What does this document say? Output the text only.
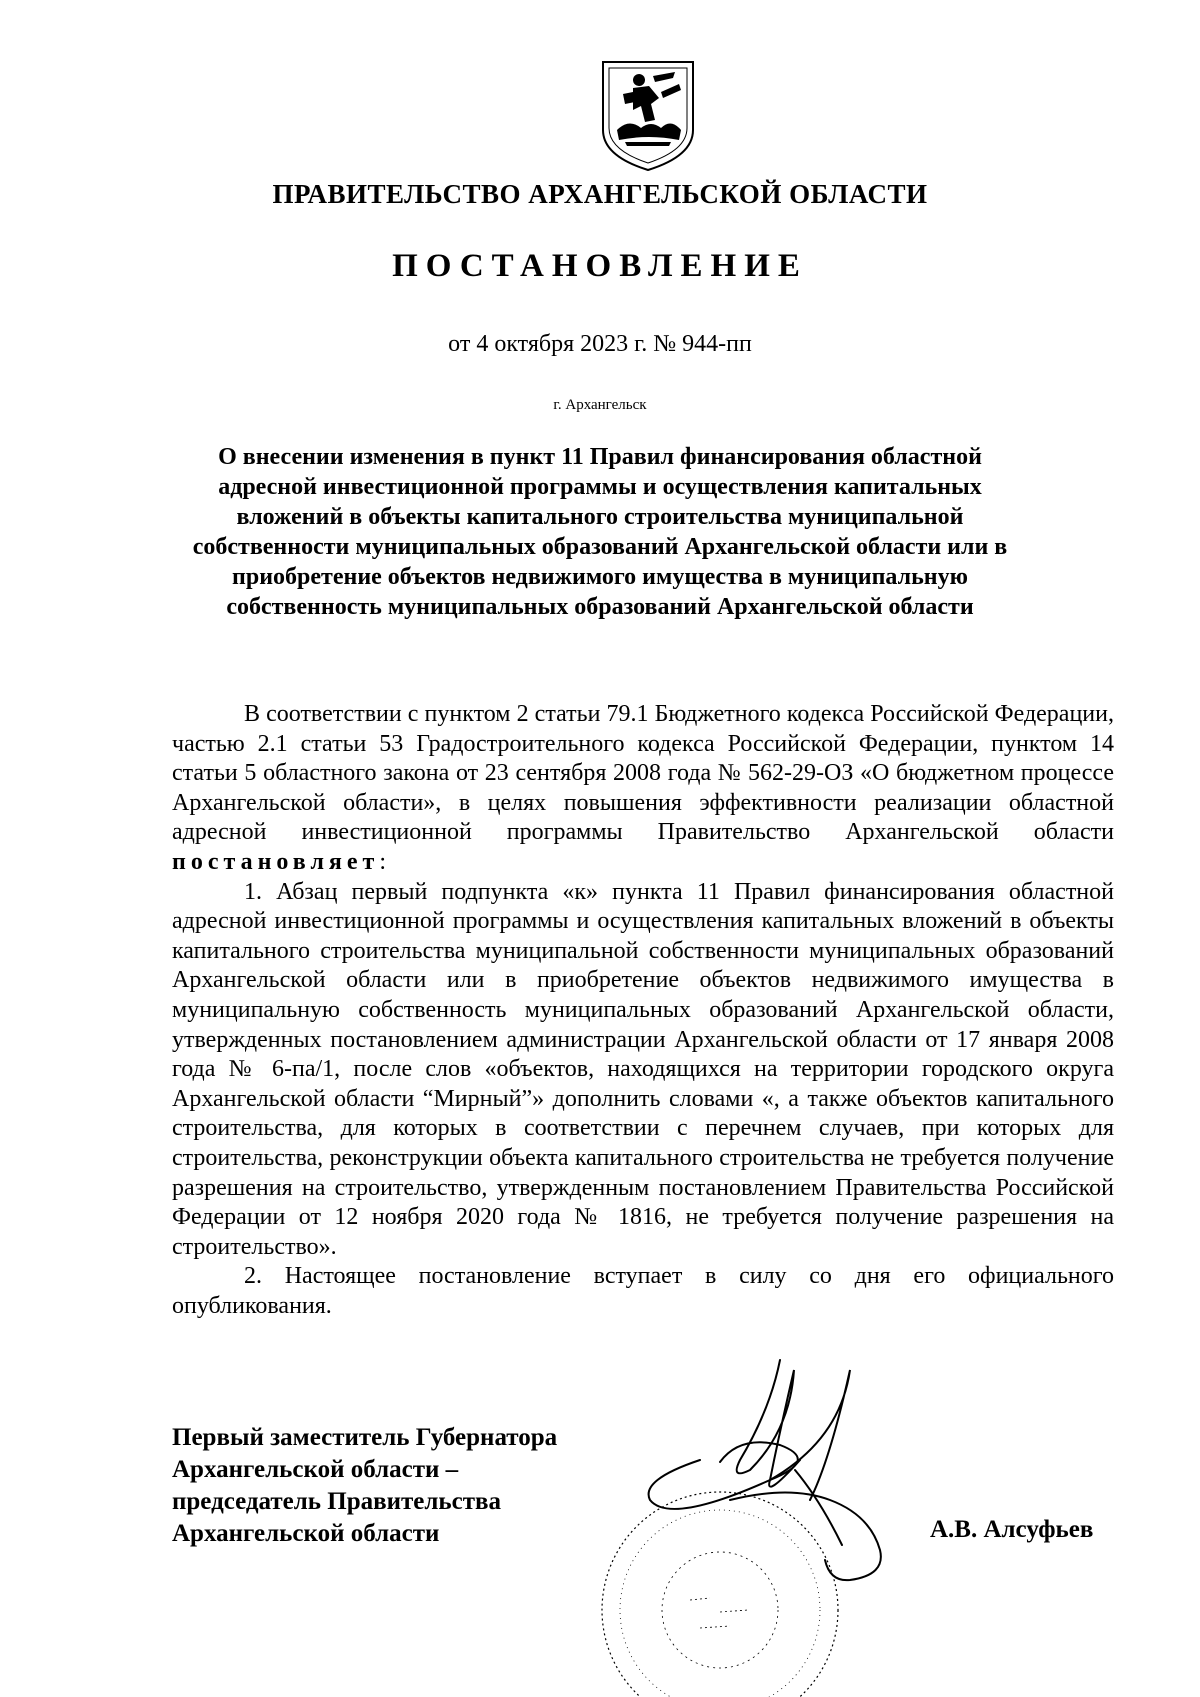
ПРАВИТЕЛЬСТВО АРХАНГЕЛЬСКОЙ ОБЛАСТИ
ПОСТАНОВЛЕНИЕ
от 4 октября 2023 г. № 944-пп
г. Архангельск
О внесении изменения в пункт 11 Правил финансирования областной адресной инвестиционной программы и осуществления капитальных вложений в объекты капитального строительства муниципальной собственности муниципальных образований Архангельской области или в приобретение объектов недвижимого имущества в муниципальную собственность муниципальных образований Архангельской области

В соответствии с пунктом 2 статьи 79.1 Бюджетного кодекса Российской Федерации, частью 2.1 статьи 53 Градостроительного кодекса Российской Федерации, пунктом 14 статьи 5 областного закона от 23 сентября 2008 года № 562-29-ОЗ «О бюджетном процессе Архангельской области», в целях повышения эффективности реализации областной адресной инвестиционной программы Правительство Архангельской области постановляет:

1. Абзац первый подпункта «к» пункта 11 Правил финансирования областной адресной инвестиционной программы и осуществления капитальных вложений в объекты капитального строительства муниципальной собственности муниципальных образований Архангельской области или в приобретение объектов недвижимого имущества в муниципальную собственность муниципальных образований Архангельской области, утвержденных постановлением администрации Архангельской области от 17 января 2008 года № 6-па/1, после слов «объектов, находящихся на территории городского округа Архангельской области “Мирный”» дополнить словами «, а также объектов капитального строительства, для которых в соответствии с перечнем случаев, при которых для строительства, реконструкции объекта капитального строительства не требуется получение разрешения на строительство, утвержденным постановлением Правительства Российской Федерации от 12 ноября 2020 года № 1816, не требуется получение разрешения на строительство».

2. Настоящее постановление вступает в силу со дня его официального опубликования.

Первый заместитель Губернатора
Архангельской области –
председатель Правительства
Архангельской области	А.В. Алсуфьев
